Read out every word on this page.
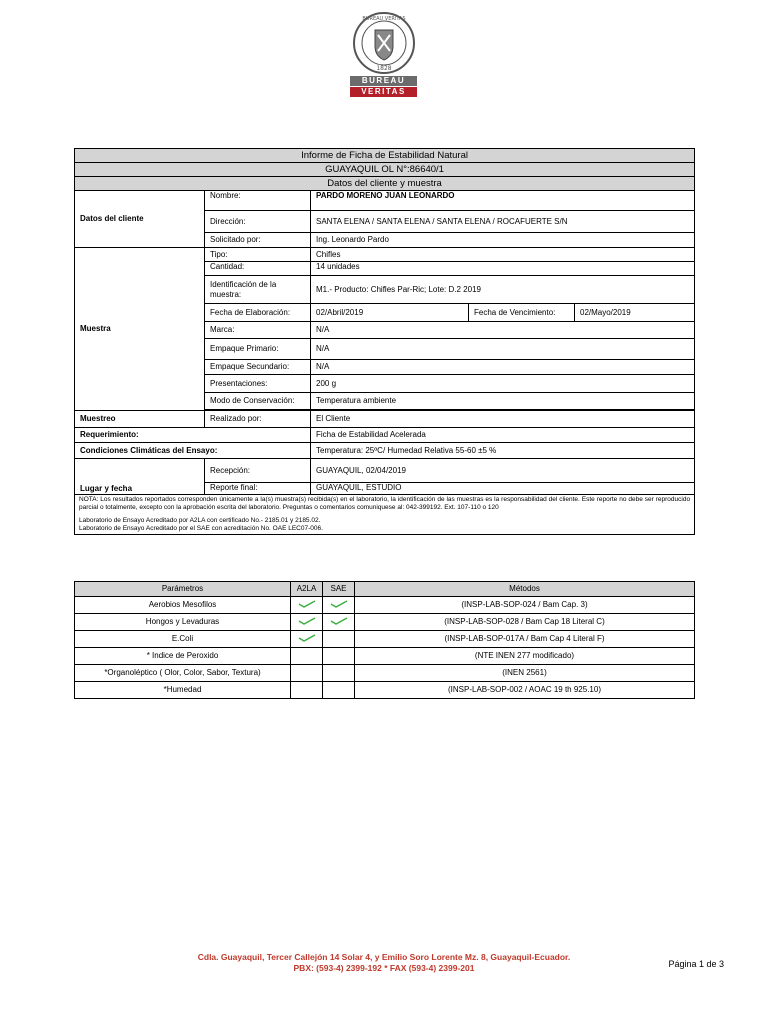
BUREAU VERITAS
1828
BUREAU
VERITAS
Informe de Ficha de Estabilidad Natural				
GUAYAQUIL OL N°:86640/1				
Datos del cliente y muestra				
Datos del cliente	Nombre:	PARDO MORENO JUAN LEONARDO		
	Dirección:	SANTA ELENA / SANTA ELENA / SANTA ELENA / ROCAFUERTE S/N		
	Solicitado por:	Ing. Leonardo Pardo		
Muestra	Tipo:	Chifles		
	Cantidad:	14 unidades		
	Identificación de la muestra:	M1.- Producto: Chifles Par-Ric; Lote: D.2 2019		
	Fecha de Elaboración:	02/Abril/2019	Fecha de Vencimiento:	02/Mayo/2019
	Marca:	N/A		
	Empaque Primario:	N/A		
	Empaque Secundario:	N/A		
	Presentaciones:	200 g		
	Modo de Conservación:	Temperatura ambiente		

Muestreo	Realizado por:	El Cliente		
Requerimiento:		Ficha de Estabilidad Acelerada		
Condiciones Climáticas del Ensayo:		Temperatura: 25ºC/ Humedad Relativa 55-60 ±5 %		
Lugar y fecha	Recepción:	GUAYAQUIL, 02/04/2019		
	Reporte final:	GUAYAQUIL, ESTUDIO		

NOTA: Los resultados reportados corresponden únicamente a la(s) muestra(s) recibida(s) en el laboratorio, la identificación de las muestras es la responsabilidad del cliente. Este reporte no debe ser reproducido parcial o totalmente, excepto con la aprobación escrita del laboratorio. Preguntas o comentarios comuniquese al: 042-399192. Ext. 107-110 o 120
Laboratorio de Ensayo Acreditado por A2LA con certificado No.- 2185.01 y 2185.02.
Laboratorio de Ensayo Acreditado por el SAE con acreditación No. OAE LEC07-006.				
Parámetros	A2LA	SAE	Métodos
Aerobios Mesofilos			(INSP-LAB-SOP-024 / Bam Cap. 3)
Hongos y Levaduras			(INSP-LAB-SOP-028 / Bam Cap 18 Literal C)
E.Coli			(INSP-LAB-SOP-017A / Bam Cap 4 Literal F)
* Indice de Peroxido			(NTE INEN 277 modificado)
*Organoléptico ( Olor, Color, Sabor, Textura)			(INEN 2561)
*Humedad			(INSP-LAB-SOP-002 / AOAC 19 th 925.10)
Cdla. Guayaquil, Tercer Callejón 14 Solar 4, y Emilio Soro Lorente Mz. 8, Guayaquil-Ecuador.
PBX: (593-4) 2399-192 * FAX (593-4) 2399-201	Página 1 de 3
